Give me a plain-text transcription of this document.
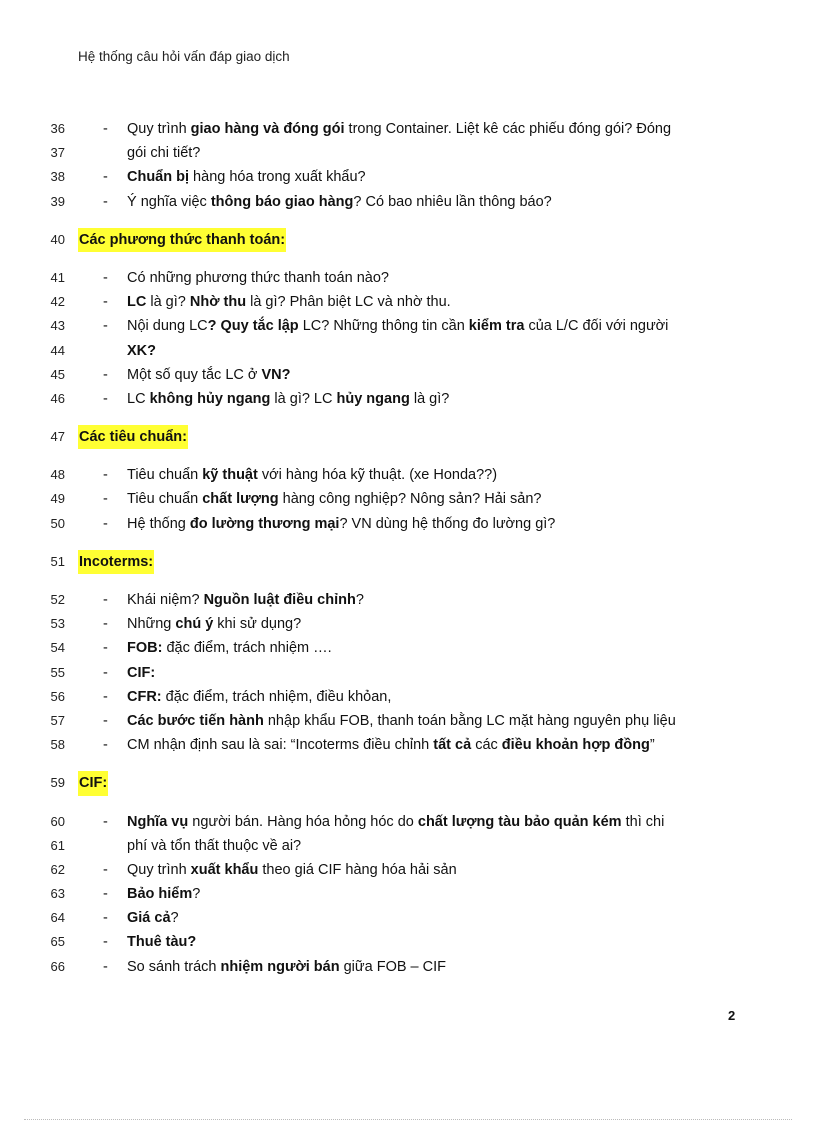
Hệ thống câu hỏi vấn đáp giao dịch
36	- Quy trình giao hàng và đóng gói trong Container. Liệt kê các phiếu đóng gói? Đóng
37	gói chi tiết?
38	- Chuẩn bị hàng hóa trong xuất khẩu?
39	- Ý nghĩa việc thông báo giao hàng? Có bao nhiêu lần thông báo?
40 Các phương thức thanh toán:
41	- Có những phương thức thanh toán nào?
42	- LC là gì? Nhờ thu là gì? Phân biệt LC và nhờ thu.
43	- Nội dung LC? Quy tắc lập LC? Những thông tin cần kiểm tra của L/C đối với người
44	XK?
45	- Một số quy tắc LC ở VN?
46	- LC không hủy ngang là gì? LC hủy ngang là gì?
47 Các tiêu chuẩn:
48	- Tiêu chuẩn kỹ thuật với hàng hóa kỹ thuật. (xe Honda??)
49	- Tiêu chuẩn chất lượng hàng công nghiệp? Nông sản? Hải sản?
50	- Hệ thống đo lường thương mại? VN dùng hệ thống đo lường gì?
51 Incoterms:
52	- Khái niệm? Nguồn luật điều chỉnh?
53	- Những chú ý khi sử dụng?
54	- FOB: đặc điểm, trách nhiệm ….
55	- CIF:
56	- CFR: đặc điểm, trách nhiệm, điều khỏan,
57	- Các bước tiến hành nhập khẩu FOB, thanh toán bằng LC mặt hàng nguyên phụ liệu
58	- CM nhận định sau là sai: “Incoterms điều chỉnh tất cả các điều khoản hợp đồng”
59 CIF:
60	- Nghĩa vụ người bán. Hàng hóa hỏng hóc do chất lượng tàu bảo quản kém thì chi
61	phí và tổn thất thuộc về ai?
62	- Quy trình xuất khẩu theo giá CIF hàng hóa hải sản
63	- Bảo hiểm?
64	- Giá cả?
65	- Thuê tàu?
66	- So sánh trách nhiệm người bán giữa FOB – CIF
2
